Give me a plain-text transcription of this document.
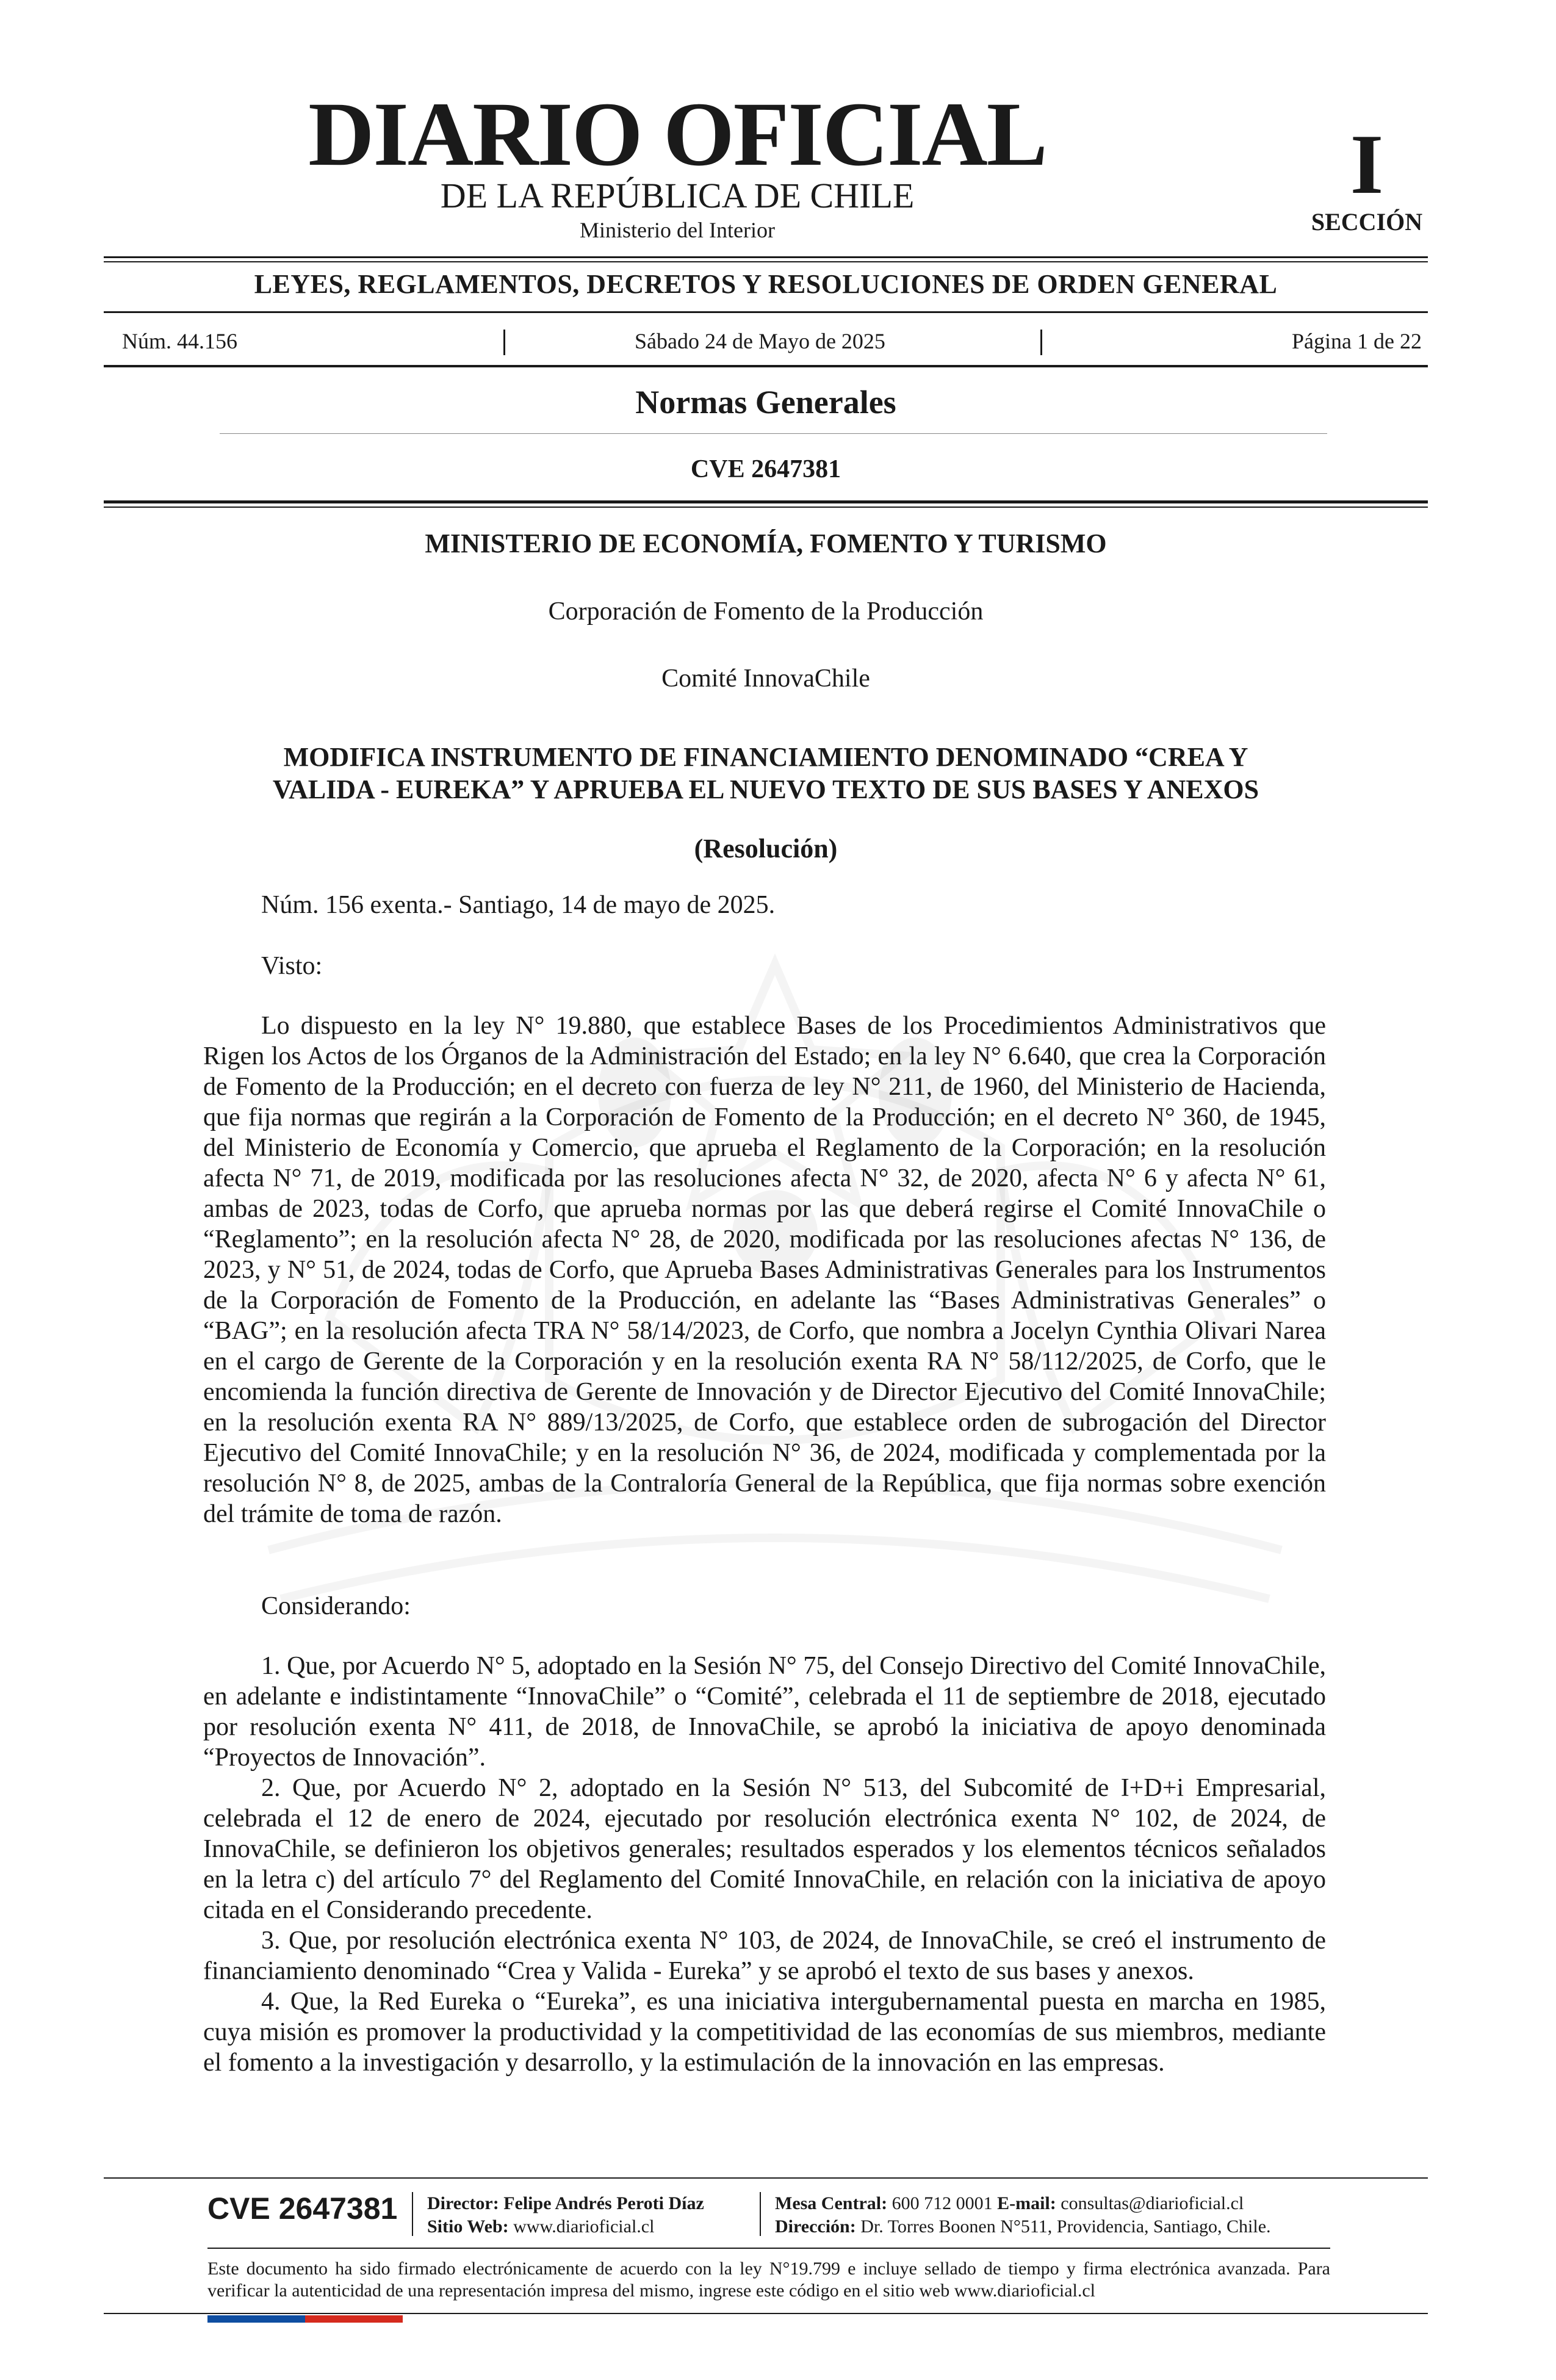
DIARIO OFICIAL
DE LA REPÚBLICA DE CHILE
Ministerio del Interior
I
SECCIÓN
LEYES, REGLAMENTOS, DECRETOS Y RESOLUCIONES DE ORDEN GENERAL
Núm. 44.156	Sábado 24 de Mayo de 2025	Página 1 de 22
Normas Generales
CVE 2647381
MINISTERIO DE ECONOMÍA, FOMENTO Y TURISMO
Corporación de Fomento de la Producción
Comité InnovaChile
MODIFICA INSTRUMENTO DE FINANCIAMIENTO DENOMINADO “CREA Y
VALIDA - EUREKA” Y APRUEBA EL NUEVO TEXTO DE SUS BASES Y ANEXOS
(Resolución)
Núm. 156 exenta.- Santiago, 14 de mayo de 2025.
Visto:
Lo dispuesto en la ley N° 19.880, que establece Bases de los Procedimientos Administrativos que Rigen los Actos de los Órganos de la Administración del Estado; en la ley N° 6.640, que crea la Corporación de Fomento de la Producción; en el decreto con fuerza de ley N° 211, de 1960, del Ministerio de Hacienda, que fija normas que regirán a la Corporación de Fomento de la Producción; en el decreto N° 360, de 1945, del Ministerio de Economía y Comercio, que aprueba el Reglamento de la Corporación; en la resolución afecta N° 71, de 2019, modificada por las resoluciones afecta N° 32, de 2020, afecta N° 6 y afecta N° 61, ambas de 2023, todas de Corfo, que aprueba normas por las que deberá regirse el Comité InnovaChile o “Reglamento”; en la resolución afecta N° 28, de 2020, modificada por las resoluciones afectas N° 136, de 2023, y N° 51, de 2024, todas de Corfo, que Aprueba Bases Administrativas Generales para los Instrumentos de la Corporación de Fomento de la Producción, en adelante las “Bases Administrativas Generales” o “BAG”; en la resolución afecta TRA N° 58/14/2023, de Corfo, que nombra a Jocelyn Cynthia Olivari Narea en el cargo de Gerente de la Corporación y en la resolución exenta RA N° 58/112/2025, de Corfo, que le encomienda la función directiva de Gerente de Innovación y de Director Ejecutivo del Comité InnovaChile; en la resolución exenta RA N° 889/13/2025, de Corfo, que establece orden de subrogación del Director Ejecutivo del Comité InnovaChile; y en la resolución N° 36, de 2024, modificada y complementada por la resolución N° 8, de 2025, ambas de la Contraloría General de la República, que fija normas sobre exención del trámite de toma de razón.
Considerando:
1. Que, por Acuerdo N° 5, adoptado en la Sesión N° 75, del Consejo Directivo del Comité InnovaChile, en adelante e indistintamente “InnovaChile” o “Comité”, celebrada el 11 de septiembre de 2018, ejecutado por resolución exenta N° 411, de 2018, de InnovaChile, se aprobó la iniciativa de apoyo denominada “Proyectos de Innovación”.
2. Que, por Acuerdo N° 2, adoptado en la Sesión N° 513, del Subcomité de I+D+i Empresarial, celebrada el 12 de enero de 2024, ejecutado por resolución electrónica exenta N° 102, de 2024, de InnovaChile, se definieron los objetivos generales; resultados esperados y los elementos técnicos señalados en la letra c) del artículo 7° del Reglamento del Comité InnovaChile, en relación con la iniciativa de apoyo citada en el Considerando precedente.
3. Que, por resolución electrónica exenta N° 103, de 2024, de InnovaChile, se creó el instrumento de financiamiento denominado “Crea y Valida - Eureka” y se aprobó el texto de sus bases y anexos.
4. Que, la Red Eureka o “Eureka”, es una iniciativa intergubernamental puesta en marcha en 1985, cuya misión es promover la productividad y la competitividad de las economías de sus miembros, mediante el fomento a la investigación y desarrollo, y la estimulación de la innovación en las empresas.
CVE 2647381 Director: Felipe Andrés Peroti Díaz
Sitio Web: www.diarioficial.cl
Mesa Central: 600 712 0001 E-mail: consultas@diarioficial.cl
Dirección: Dr. Torres Boonen N°511, Providencia, Santiago, Chile.
Este documento ha sido firmado electrónicamente de acuerdo con la ley N°19.799 e incluye sellado de tiempo y firma electrónica avanzada. Para verificar la autenticidad de una representación impresa del mismo, ingrese este código en el sitio web www.diarioficial.cl
